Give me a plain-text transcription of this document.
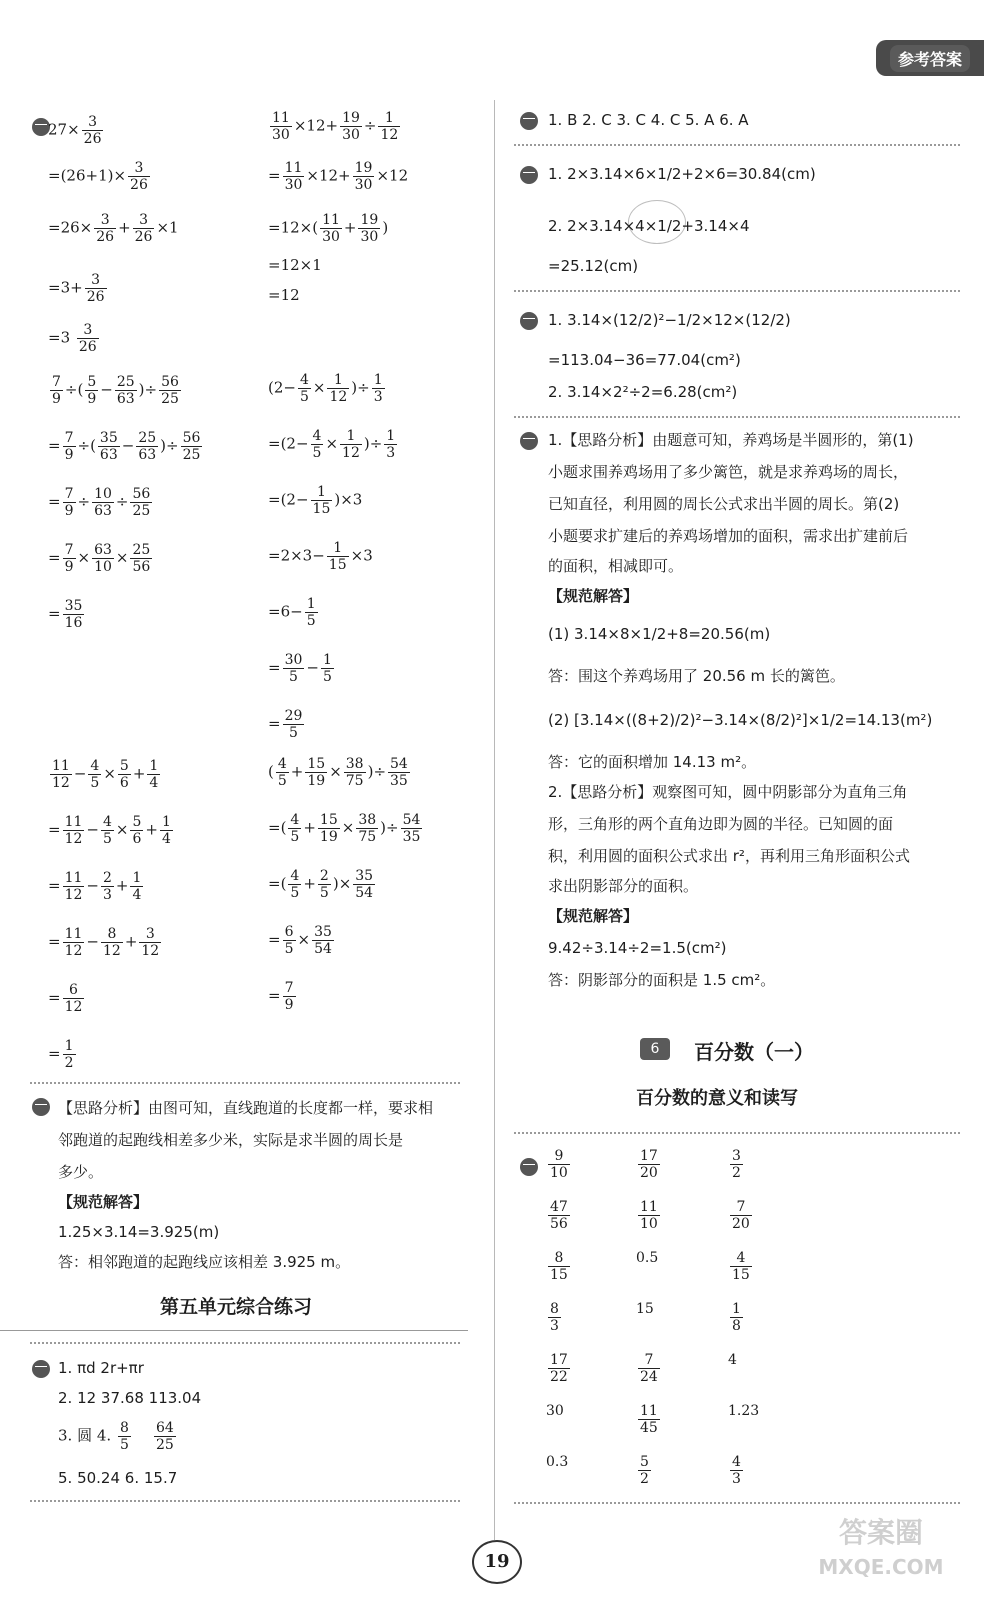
参考答案
$27\times \frac{3}{26}$	$\frac{11}{30} \times 12+ \frac{19}{30} \div \frac{1}{12}$
$=(26+1)\times \frac{3}{26}$	= $\frac{11}{30} \times 12+ \frac{19}{30} \times 12$
$=26\times \frac{3}{26} + \frac{3}{26} \times 1$	$=12\times( \frac{11}{30} + \frac{19}{30}$ )
$=3+ \frac{3}{26}$
=12×1
$=3 \frac{3}{26}$
=12
$\frac{7}{9}$ ÷( $\frac{5}{9} - \frac{25}{63}$ )÷ $\frac{56}{25}$
= $\frac{7}{9}$ ÷( $\frac{35}{63} - \frac{25}{63}$ )÷ $\frac{56}{25}$
= $\frac{7}{9} \div \frac{10}{63} \div \frac{56}{25}$
= $\frac{7}{9} \times \frac{63}{10} \times \frac{25}{56}$
= $\frac{35}{16}$
($2- \frac{4}{5} \times \frac{1}{12}$ )÷ $\frac{1}{3}$
$=(2- \frac{4}{5} \times \frac{1}{12}$ )÷ $\frac{1}{3}$
$=(2- \frac{1}{15} )\times 3$
$=2\times 3- \frac{1}{15} \times 3$
$=6- \frac{1}{5}$
= $\frac{30}{5} - \frac{1}{5}$
= $\frac{29}{5}$
$\frac{11}{12} - \frac{4}{5} \times \frac{5}{6} + \frac{1}{4}$
= $\frac{11}{12} - \frac{4}{5} \times \frac{5}{6} + \frac{1}{4}$
= $\frac{11}{12} - \frac{2}{3} + \frac{1}{4}$
= $\frac{11}{12} - \frac{8}{12} + \frac{3}{12}$
= $\frac{6}{12}$
= $\frac{1}{2}$
( $\frac{4}{5} + \frac{15}{19} \times \frac{38}{75}$ )÷ $\frac{54}{35}$
=( $\frac{4}{5} + \frac{15}{19} \times \frac{38}{75}$ )÷ $\frac{54}{35}$
=( $\frac{4}{5} + \frac{2}{5}$ )× $\frac{35}{54}$
= $\frac{6}{5} \times \frac{35}{54}$
= $\frac{7}{9}$
【思路分析】由图可知，直线跑道的长度都一样，要求相
邻跑道的起跑线相差多少米，实际是求半圆的周长是
多少。
【规范解答】
1.25×3.14=3.925(m)
答：相邻跑道的起跑线应该相差 3.925 m。
第五单元综合练习
1. πd 2r+πr
2. 12 37.68 113.04
3. 圆 4. $\frac{8}{5}$
$\frac{64}{25}$
5. 50.24 6. 15.7
1. B 2. C 3. C 4. C 5. A 6. A
1. 2×3.14×6×1/2+2×6=30.84(cm)
2. 2×3.14×4×1/2+3.14×4
=25.12(cm)
1. 3.14×(12/2)²−1/2×12×(12/2)
=113.04−36=77.04(cm²)
2. 3.14×2²÷2=6.28(cm²)
1.【思路分析】由题意可知，养鸡场是半圆形的，第(1)
小题求围养鸡场用了多少篱笆，就是求养鸡场的周长，
已知直径，利用圆的周长公式求出半圆的周长。第(2)
小题要求扩建后的养鸡场增加的面积，需求出扩建前后
的面积，相减即可。
【规范解答】
(1) 3.14×8×1/2+8=20.56(m)
答：围这个养鸡场用了 20.56 m 长的篱笆。
(2) [3.14×((8+2)/2)²−3.14×(8/2)²]×1/2=14.13(m²)
答：它的面积增加 14.13 m²。
2.【思路分析】观察图可知，圆中阴影部分为直角三角
形，三角形的两个直角边即为圆的半径。已知圆的面
积，利用圆的面积公式求出 r²，再利用三角形面积公式
求出阴影部分的面积。
【规范解答】
9.42÷3.14÷2=1.5(cm²)
答：阴影部分的面积是 1.5 cm²。
6	百分数（一）
百分数的意义和读写
$\frac{9}{10}$	$\frac{17}{20}$	$\frac{3}{2}$
$\frac{47}{56}$	$\frac{11}{10}$	$\frac{7}{20}$
$\frac{8}{15}$	0.5	$\frac{4}{15}$
$\frac{8}{3}$	15	$\frac{1}{8}$
$\frac{17}{22}$	$\frac{7}{24}$	4
30	$\frac{11}{45}$	1.23
0.3	$\frac{5}{2}$	$\frac{4}{3}$
19
答案圈
MXQE.COM
